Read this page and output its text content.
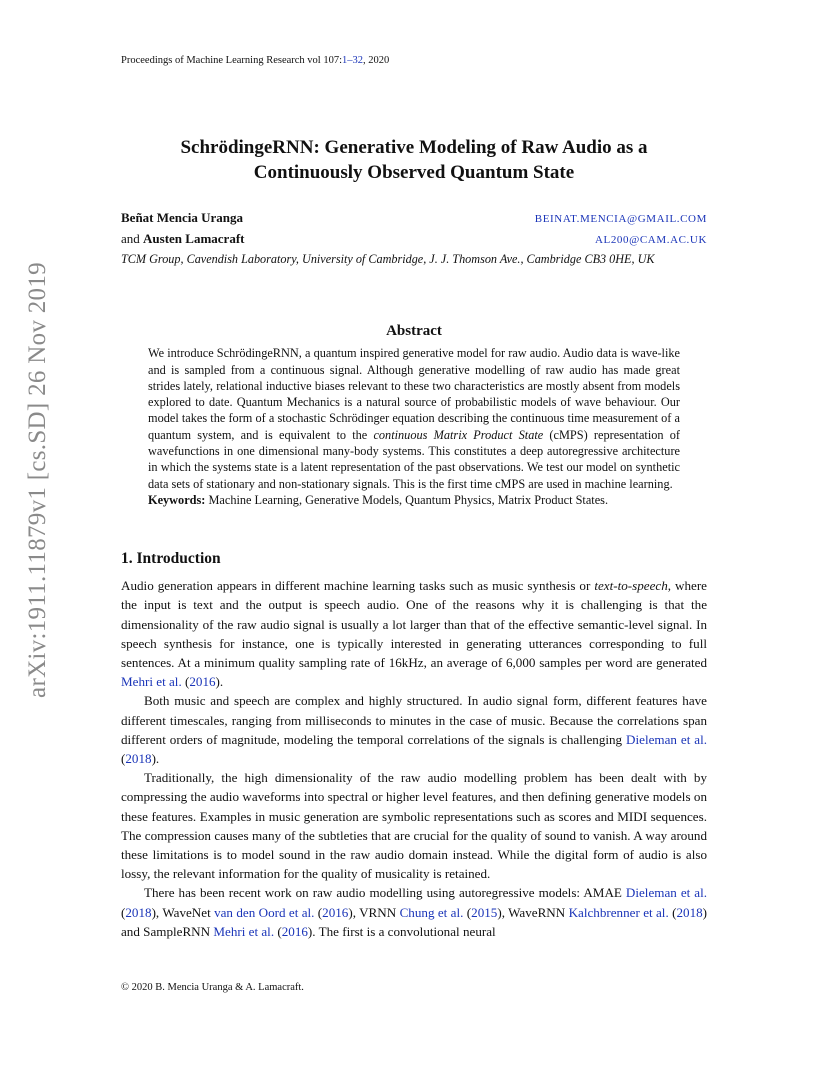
arXiv:1911.11879v1 [cs.SD] 26 Nov 2019
Proceedings of Machine Learning Research vol 107:1–32, 2020
SchrödingeRNN: Generative Modeling of Raw Audio as a
Continuously Observed Quantum State
Beñat Mencia Uranga	BEINAT.MENCIA@GMAIL.COM
and Austen Lamacraft	AL200@CAM.AC.UK
TCM Group, Cavendish Laboratory, University of Cambridge, J. J. Thomson Ave., Cambridge CB3 0HE, UK
Abstract

We introduce SchrödingeRNN, a quantum inspired generative model for raw audio. Audio data is wave-like and is sampled from a continuous signal. Although generative modelling of raw audio has made great strides lately, relational inductive biases relevant to these two characteristics are mostly absent from models explored to date. Quantum Mechanics is a natural source of probabilistic models of wave behaviour. Our model takes the form of a stochastic Schrödinger equation describing the continuous time measurement of a quantum system, and is equivalent to the continuous Matrix Product State (cMPS) representation of wavefunctions in one dimensional many-body systems. This constitutes a deep autoregressive architecture in which the systems state is a latent representation of the past observations. We test our model on synthetic data sets of stationary and non-stationary signals. This is the first time cMPS are used in machine learning.

Keywords: Machine Learning, Generative Models, Quantum Physics, Matrix Product States.

1. Introduction

Audio generation appears in different machine learning tasks such as music synthesis or text-to-speech, where the input is text and the output is speech audio. One of the reasons why it is challenging is that the dimensionality of the raw audio signal is usually a lot larger than that of the effective semantic-level signal. In speech synthesis for instance, one is typically interested in generating utterances corresponding to full sentences. At a minimum quality sampling rate of 16kHz, an average of 6,000 samples per word are generated Mehri et al. (2016).

Both music and speech are complex and highly structured. In audio signal form, different features have different timescales, ranging from milliseconds to minutes in the case of music. Because the correlations span different orders of magnitude, modeling the temporal correlations of the signals is challenging Dieleman et al. (2018).

Traditionally, the high dimensionality of the raw audio modelling problem has been dealt with by compressing the audio waveforms into spectral or higher level features, and then defining generative models on these features. Examples in music generation are symbolic representations such as scores and MIDI sequences. The compression causes many of the subtleties that are crucial for the quality of sound to vanish. A way around these limitations is to model sound in the raw audio domain instead. While the digital form of audio is also lossy, the relevant information for the quality of musicality is retained.

There has been recent work on raw audio modelling using autoregressive models: AMAE Dieleman et al. (2018), WaveNet van den Oord et al. (2016), VRNN Chung et al. (2015), WaveRNN Kalchbrenner et al. (2018) and SampleRNN Mehri et al. (2016). The first is a convolutional neural

© 2020 B. Mencia Uranga & A. Lamacraft.
